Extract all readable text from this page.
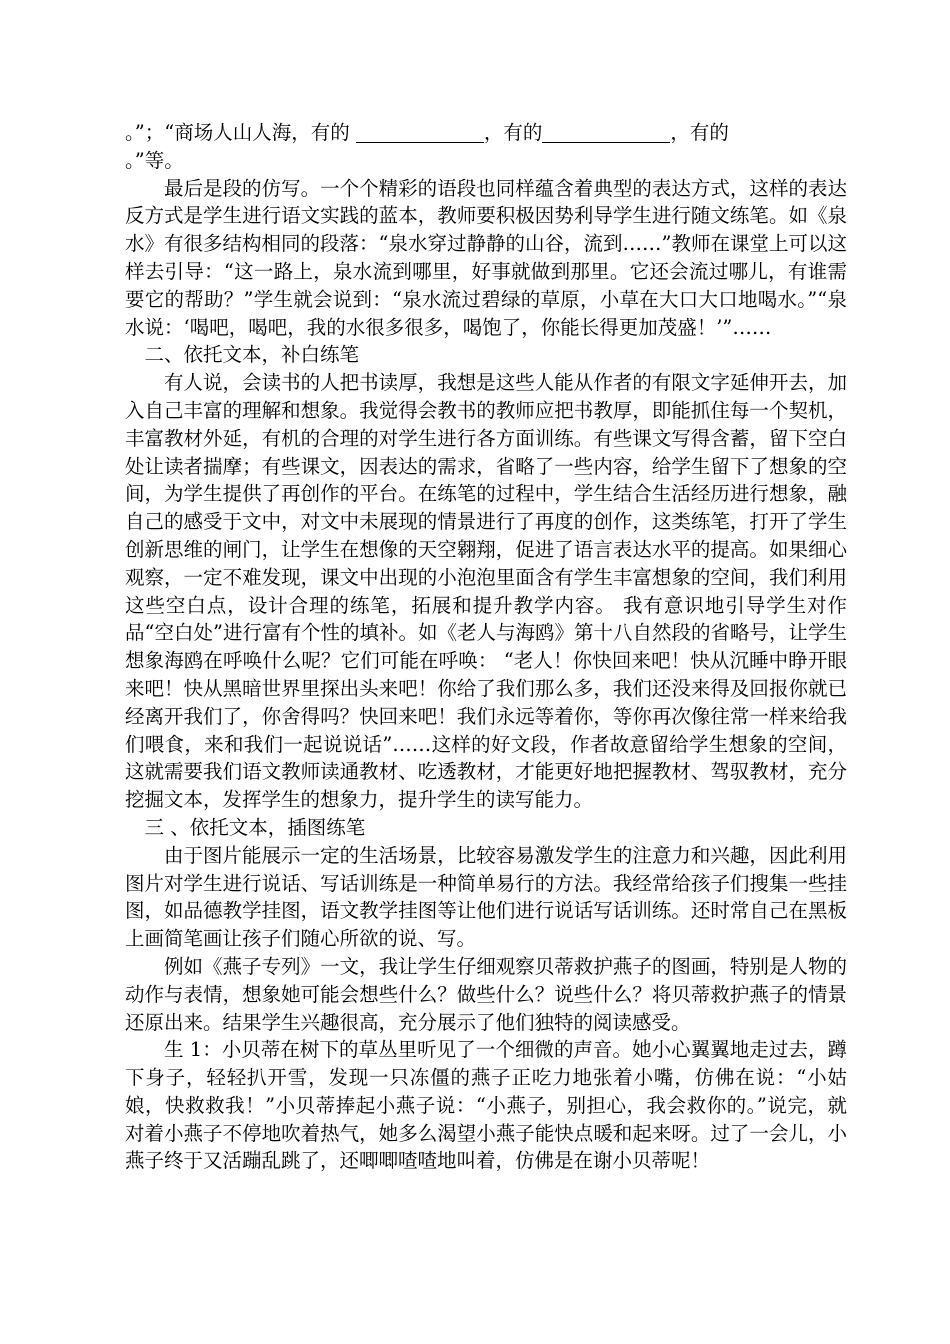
。”；“商场人山人海，有的	，有的	，有的

。”等。

最后是段的仿写。一个个精彩的语段也同样蕴含着典型的表达方式，这样的表达反方式是学生进行语文实践的蓝本，教师要积极因势利导学生进行随文练笔。如《泉水》有很多结构相同的段落：“泉水穿过静静的山谷，流到……”教师在课堂上可以这样去引导：“这一路上，泉水流到哪里，好事就做到那里。它还会流过哪儿，有谁需要它的帮助？”学生就会说到：“泉水流过碧绿的草原，小草在大口大口地喝水。”“泉水说：‘喝吧，喝吧，我的水很多很多，喝饱了，你能长得更加茂盛！’”……

二、依托文本，补白练笔

有人说，会读书的人把书读厚，我想是这些人能从作者的有限文字延伸开去，加入自己丰富的理解和想象。我觉得会教书的教师应把书教厚，即能抓住每一个契机，丰富教材外延，有机的合理的对学生进行各方面训练。有些课文写得含蓄，留下空白处让读者揣摩；有些课文，因表达的需求，省略了一些内容，给学生留下了想象的空间，为学生提供了再创作的平台。在练笔的过程中，学生结合生活经历进行想象，融自己的感受于文中，对文中未展现的情景进行了再度的创作，这类练笔，打开了学生创新思维的闸门，让学生在想像的天空翱翔，促进了语言表达水平的提高。如果细心观察，一定不难发现，课文中出现的小泡泡里面含有学生丰富想象的空间，我们利用这些空白点，设计合理的练笔，拓展和提升教学内容。 我有意识地引导学生对作品“空白处”进行富有个性的填补。如《老人与海鸥》第十八自然段的省略号，让学生想象海鸥在呼唤什么呢？它们可能在呼唤： “老人！你快回来吧！快从沉睡中睁开眼来吧！快从黑暗世界里探出头来吧！你给了我们那么多，我们还没来得及回报你就已经离开我们了，你舍得吗？快回来吧！我们永远等着你，等你再次像往常一样来给我们喂食，来和我们一起说说话”……这样的好文段，作者故意留给学生想象的空间，这就需要我们语文教师读通教材、吃透教材，才能更好地把握教材、驾驭教材，充分挖掘文本，发挥学生的想象力，提升学生的读写能力。

三 、依托文本，插图练笔

由于图片能展示一定的生活场景，比较容易激发学生的注意力和兴趣，因此利用图片对学生进行说话、写话训练是一种简单易行的方法。我经常给孩子们搜集一些挂图，如品德教学挂图，语文教学挂图等让他们进行说话写话训练。还时常自己在黑板上画简笔画让孩子们随心所欲的说、写。

例如《燕子专列》一文，我让学生仔细观察贝蒂救护燕子的图画，特别是人物的动作与表情，想象她可能会想些什么？做些什么？说些什么？将贝蒂救护燕子的情景还原出来。结果学生兴趣很高，充分展示了他们独特的阅读感受。

生 1：小贝蒂在树下的草丛里听见了一个细微的声音。她小心翼翼地走过去，蹲下身子，轻轻扒开雪，发现一只冻僵的燕子正吃力地张着小嘴，仿佛在说：“小姑娘，快救救我！”小贝蒂捧起小燕子说：“小燕子，别担心，我会救你的。”说完，就对着小燕子不停地吹着热气，她多么渴望小燕子能快点暖和起来呀。过了一会儿，小燕子终于又活蹦乱跳了，还唧唧喳喳地叫着，仿佛是在谢小贝蒂呢！
